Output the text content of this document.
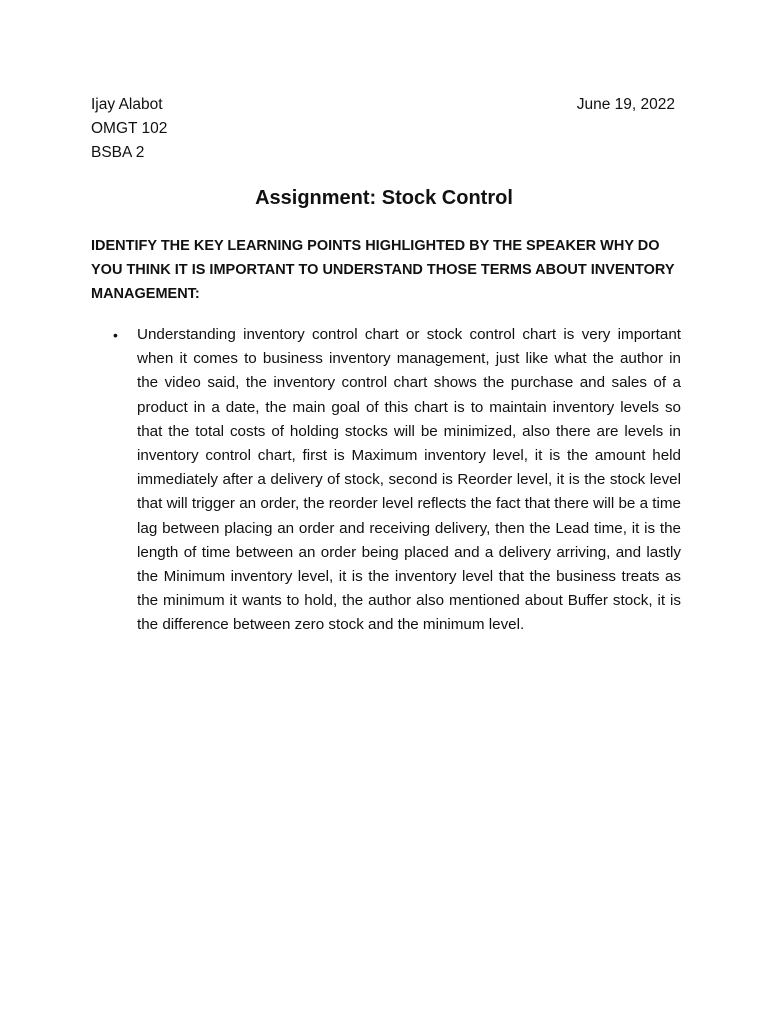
Ijay Alabot
OMGT 102
BSBA 2
June 19, 2022
Assignment: Stock Control
IDENTIFY THE KEY LEARNING POINTS HIGHLIGHTED BY THE SPEAKER WHY DO YOU THINK IT IS IMPORTANT TO UNDERSTAND THOSE TERMS ABOUT INVENTORY MANAGEMENT:
• Understanding inventory control chart or stock control chart is very important when it comes to business inventory management, just like what the author in the video said, the inventory control chart shows the purchase and sales of a product in a date, the main goal of this chart is to maintain inventory levels so that the total costs of holding stocks will be minimized, also there are levels in inventory control chart, first is Maximum inventory level, it is the amount held immediately after a delivery of stock, second is Reorder level, it is the stock level that will trigger an order, the reorder level reflects the fact that there will be a time lag between placing an order and receiving delivery, then the Lead time, it is the length of time between an order being placed and a delivery arriving, and lastly the Minimum inventory level, it is the inventory level that the business treats as the minimum it wants to hold, the author also mentioned about Buffer stock, it is the difference between zero stock and the minimum level.
